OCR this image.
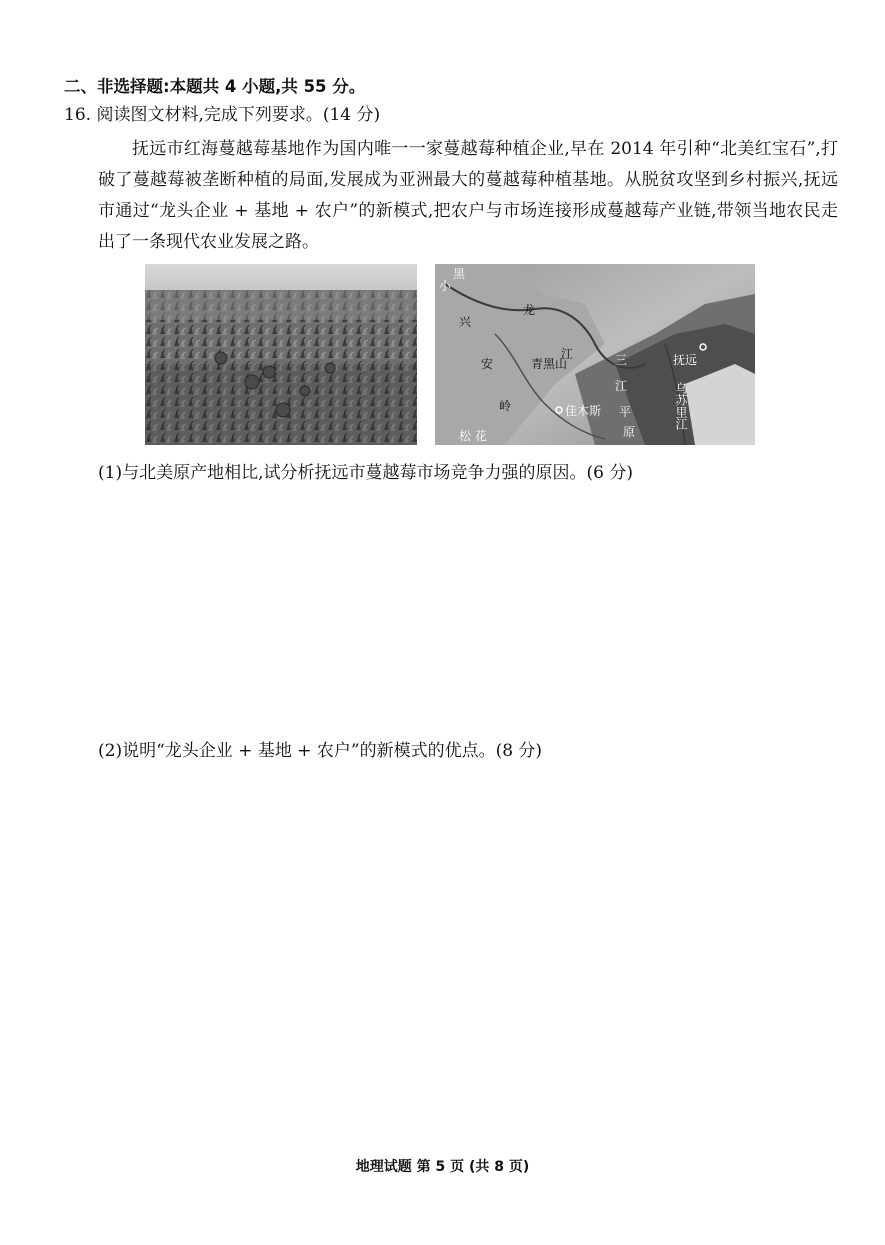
二、非选择题:本题共 4 小题,共 55 分。
16. 阅读图文材料,完成下列要求。(14 分)
抚远市红海蔓越莓基地作为国内唯一一家蔓越莓种植企业,早在 2014 年引种“北美红宝石”,打破了蔓越莓被垄断种植的局面,发展成为亚洲最大的蔓越莓种植基地。从脱贫攻坚到乡村振兴,抚远市通过“龙头企业 + 基地 + 农户”的新模式,把农户与市场连接形成蔓越莓产业链,带领当地农民走出了一条现代农业发展之路。
黑
小
龙
兴
安
岭
江
青黑山	三
江
平
原
抚远
佳木斯
松 花
乌苏里江
(1)与北美原产地相比,试分析抚远市蔓越莓市场竞争力强的原因。(6 分)
(2)说明“龙头企业 + 基地 + 农户”的新模式的优点。(8 分)
地理试题 第 5 页 (共 8 页)
